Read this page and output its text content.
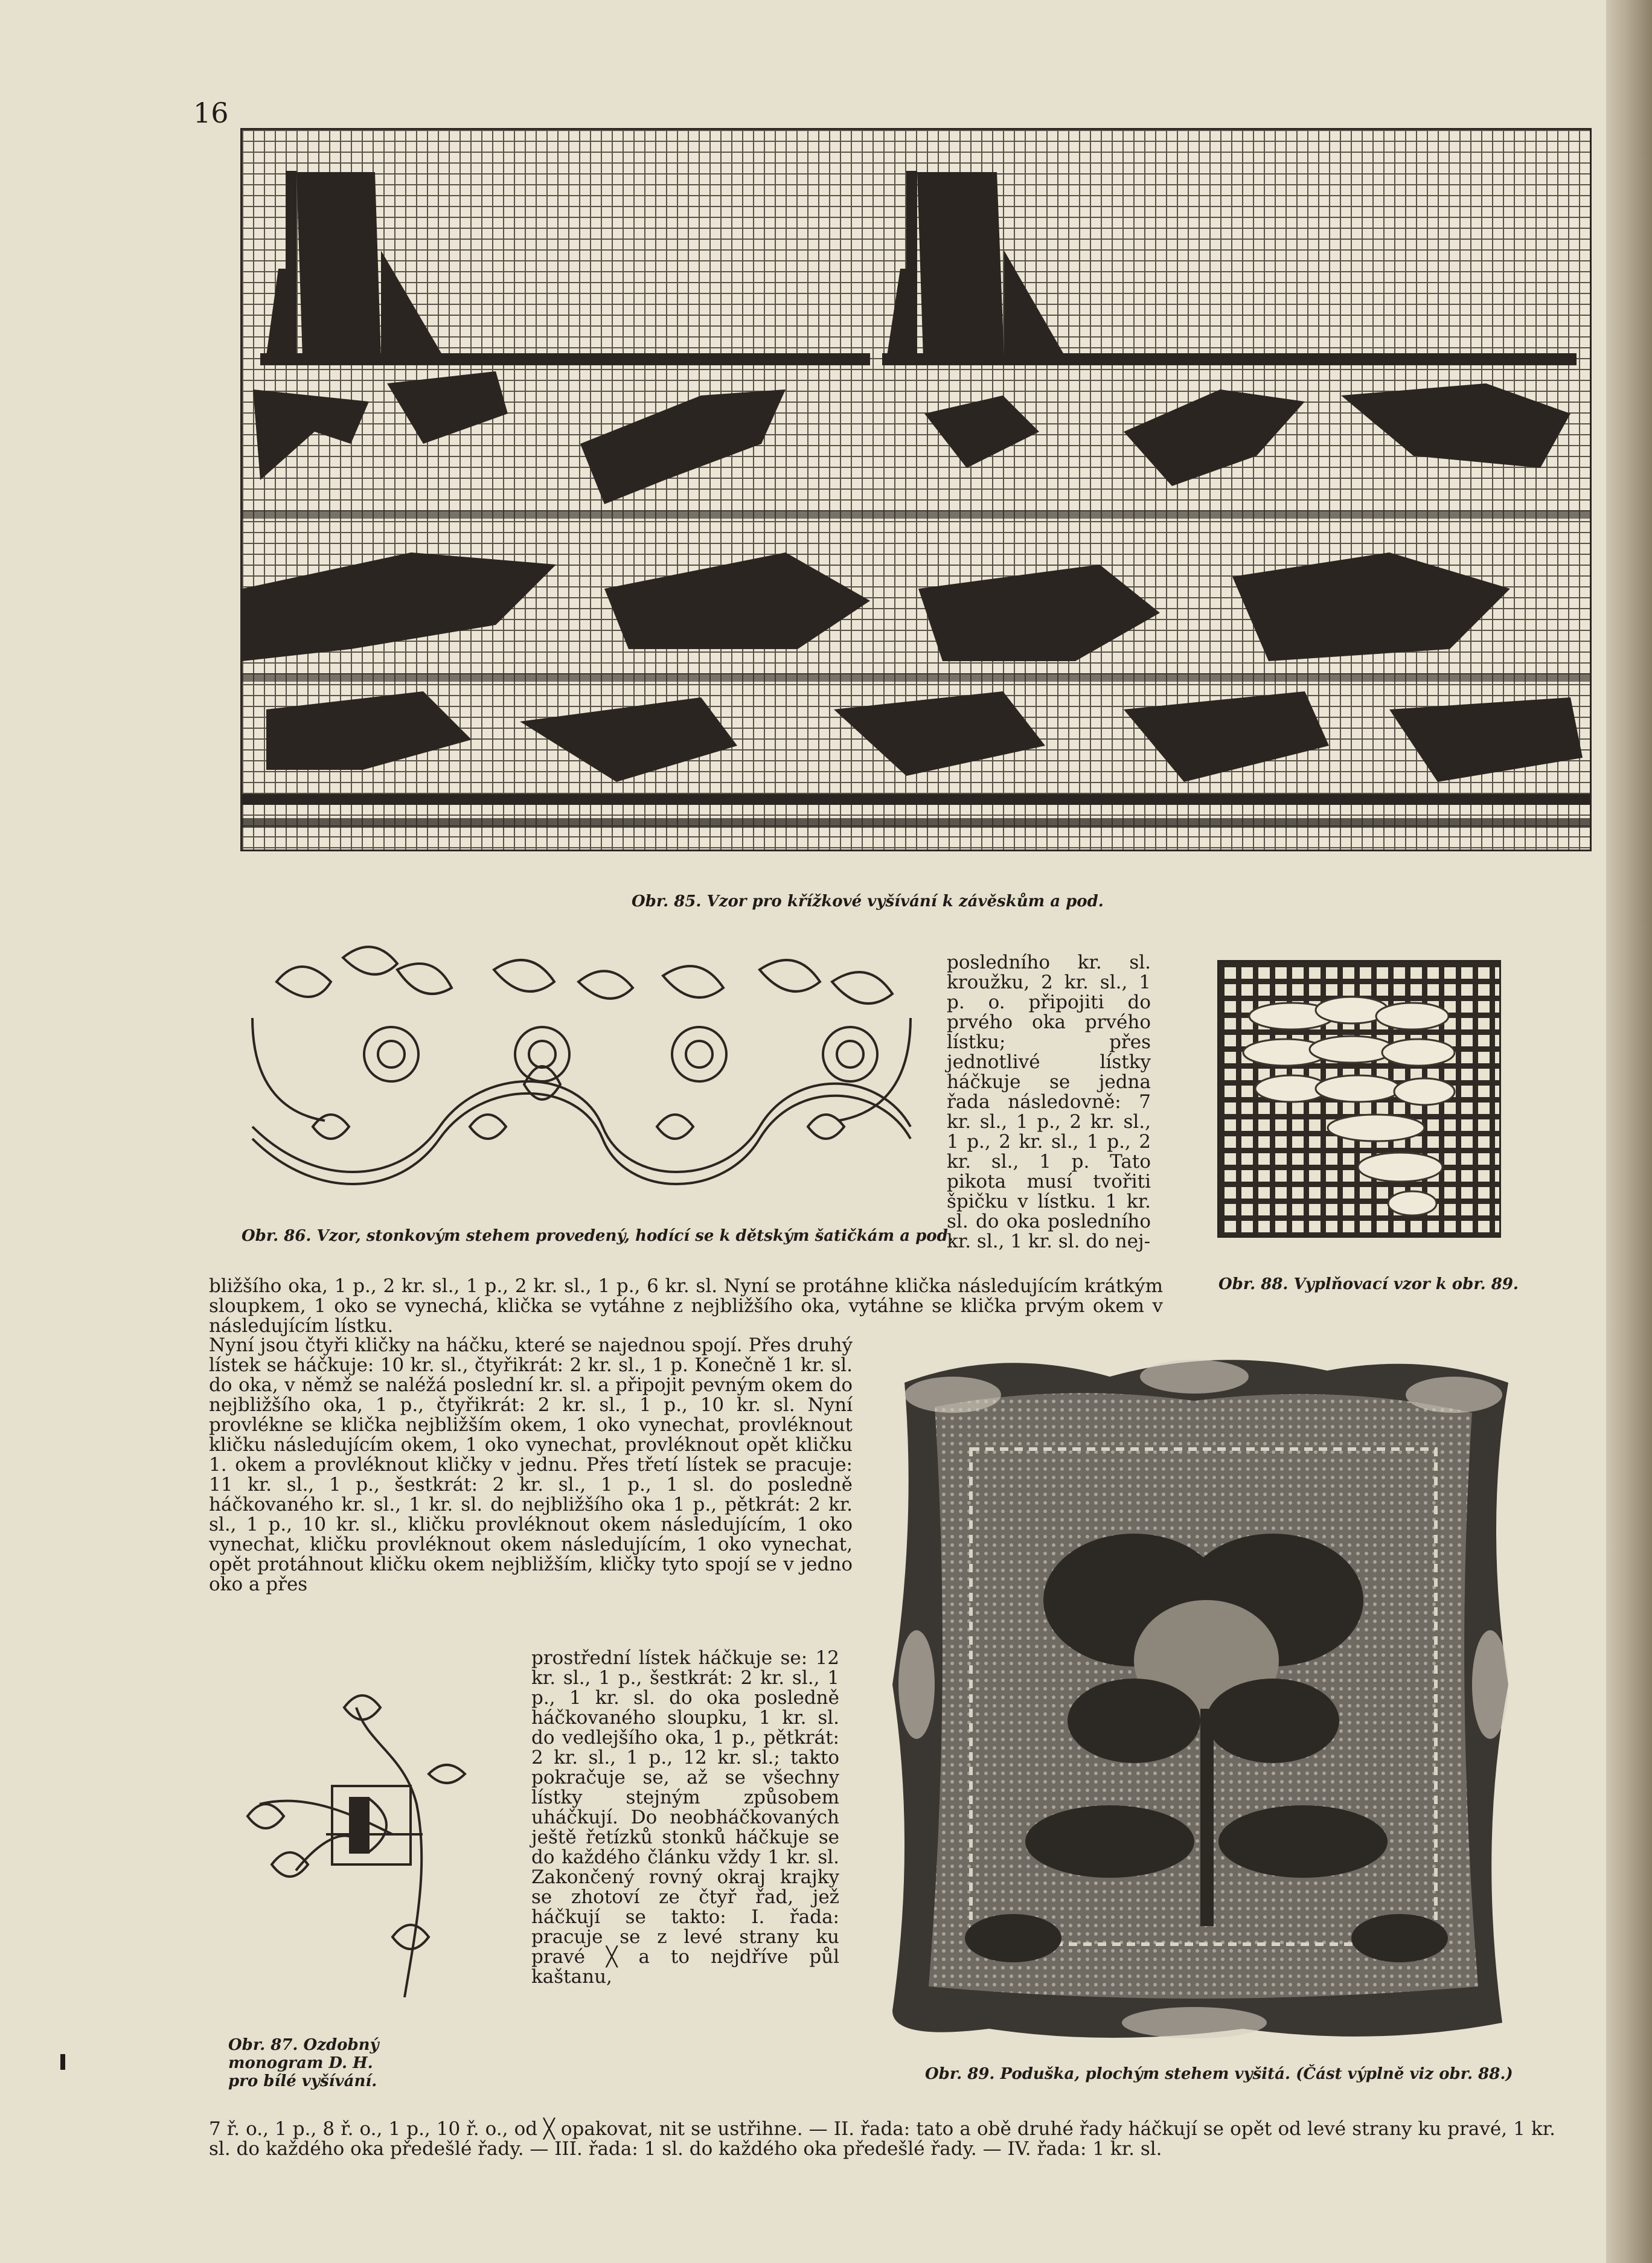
16
Obr. 85. Vzor pro křížkové vyšívání k závěskům a pod.
Obr. 86. Vzor, stonkovým stehem provedený, hodící se k dětským šatičkám a pod.
posledního kr. sl. kroužku, 2 kr. sl., 1 p. o. připojiti do prvého oka prvého lístku; přes jednotlivé lístky háčkuje se jedna řada následovně: 7 kr. sl., 1 p., 2 kr. sl., 1 p., 2 kr. sl., 1 p., 2 kr. sl., 1 p. Tato pikota musí tvořiti špičku v lístku. 1 kr. sl. do oka posledního kr. sl., 1 kr. sl. do nej-
Obr. 88. Vyplňovací vzor k obr. 89.
bližšího oka, 1 p., 2 kr. sl., 1 p., 2 kr. sl., 1 p., 6 kr. sl. Nyní se protáhne klička následujícím krátkým sloupkem, 1 oko se vynechá, klička se vytáhne z nejbližšího oka, vytáhne se klička prvým okem v následujícím lístku.
Nyní jsou čtyři kličky na háčku, které se najednou spojí. Přes druhý lístek se háčkuje: 10 kr. sl., čtyřikrát: 2 kr. sl., 1 p. Konečně 1 kr. sl. do oka, v němž se naléžá poslední kr. sl. a připojit pevným okem do nejbližšího oka, 1 p., čtyřikrát: 2 kr. sl., 1 p., 10 kr. sl. Nyní provlékne se klička nejbližším okem, 1 oko vynechat, provléknout kličku následujícím okem, 1 oko vynechat, provléknout opět kličku 1. okem a provléknout kličky v jednu. Přes třetí lístek se pracuje: 11 kr. sl., 1 p., šestkrát: 2 kr. sl., 1 p., 1 sl. do posledně háčkovaného kr. sl., 1 kr. sl. do nejbližšího oka 1 p., pětkrát: 2 kr. sl., 1 p., 10 kr. sl., kličku provléknout okem následujícím, 1 oko vynechat, kličku provléknout okem následujícím, 1 oko vynechat, opět protáhnout kličku okem nejbližším, kličky tyto spojí se v jedno oko a přes
Obr. 89. Poduška, plochým stehem vyšitá. (Část výplně viz obr. 88.)
Obr. 87. Ozdobný monogram D. H. pro bílé vyšívání.
prostřední lístek háčkuje se: 12 kr. sl., 1 p., šestkrát: 2 kr. sl., 1 p., 1 kr. sl. do oka posledně háčkovaného sloupku, 1 kr. sl. do vedlejšího oka, 1 p., pětkrát: 2 kr. sl., 1 p., 12 kr. sl.; takto pokračuje se, až se všechny lístky stejným způsobem uháčkují. Do neobháčkovaných ještě řetízků stonků háčkuje se do každého článku vždy 1 kr. sl. Zakončený rovný okraj krajky se zhotoví ze čtyř řad, jež háčkují se takto: I. řada: pracuje se z levé strany ku pravé ╳ a to nejdříve půl kaštanu,
7 ř. o., 1 p., 8 ř. o., 1 p., 10 ř. o., od ╳ opakovat, nit se ustřihne. — II. řada: tato a obě druhé řady háčkují se opět od levé strany ku pravé, 1 kr. sl. do každého oka předešlé řady. — III. řada: 1 sl. do každého oka předešlé řady. — IV. řada: 1 kr. sl.
